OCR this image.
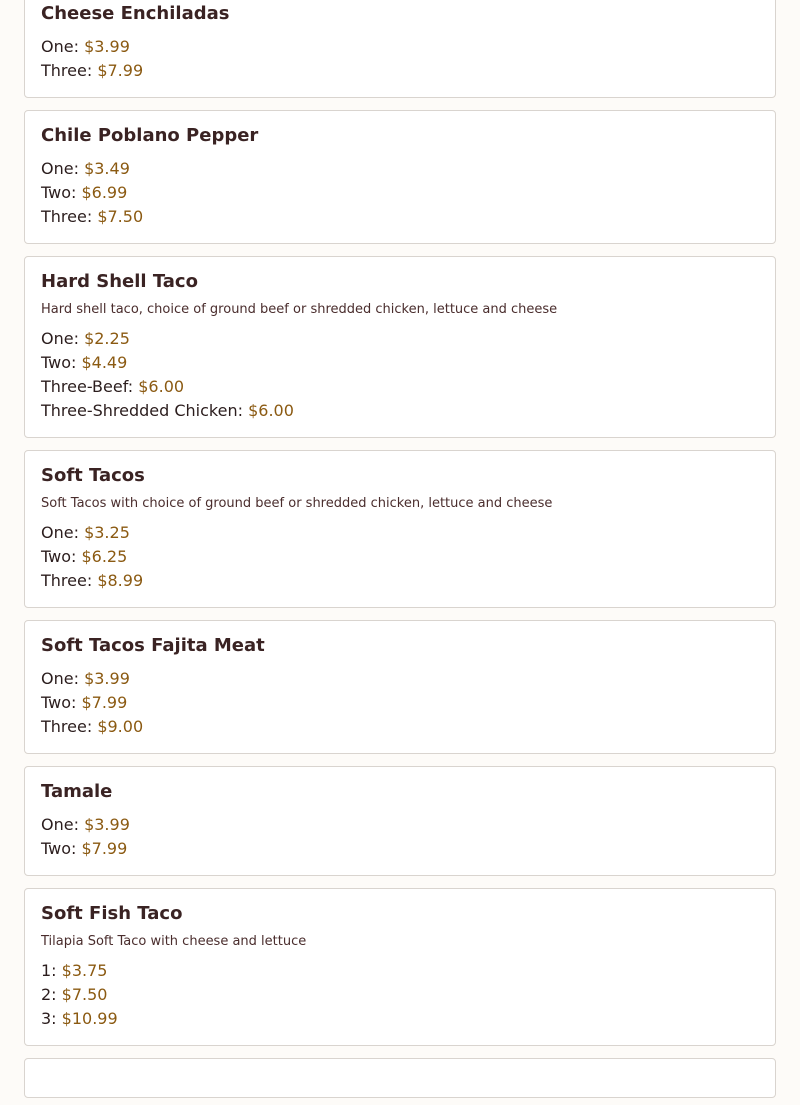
Cheese Enchiladas
One: $3.99
Three: $7.99
Chile Poblano Pepper
One: $3.49
Two: $6.99
Three: $7.50
Hard Shell Taco
Hard shell taco, choice of ground beef or shredded chicken, lettuce and cheese
One: $2.25
Two: $4.49
Three-Beef: $6.00
Three-Shredded Chicken: $6.00
Soft Tacos
Soft Tacos with choice of ground beef or shredded chicken, lettuce and cheese
One: $3.25
Two: $6.25
Three: $8.99
Soft Tacos Fajita Meat
One: $3.99
Two: $7.99
Three: $9.00
Tamale
One: $3.99
Two: $7.99
Soft Fish Taco
Tilapia Soft Taco with cheese and lettuce
1: $3.75
2: $7.50
3: $10.99
